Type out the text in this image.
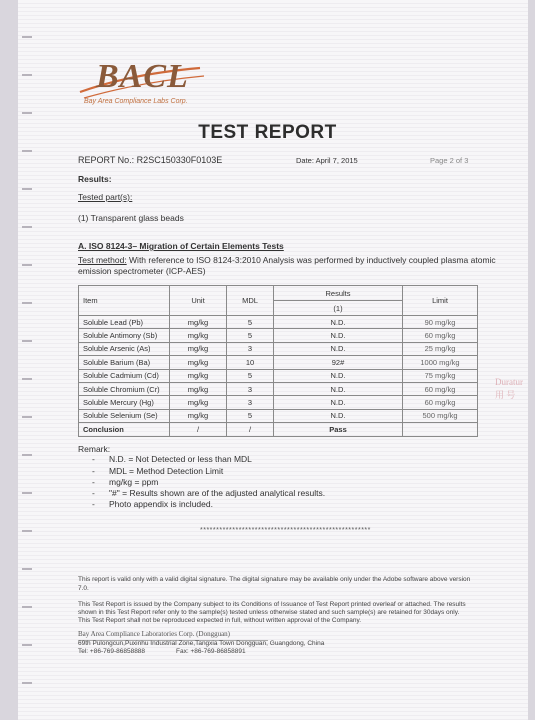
BACL
Bay Area Compliance Labs Corp.
TEST REPORT
REPORT No.: R2SC150330F0103E	Date: April 7, 2015	Page 2 of 3
Results:
Tested part(s):
(1) Transparent glass beads
A. ISO 8124-3– Migration of Certain Elements Tests
Test method: With reference to ISO 8124-3:2010 Analysis was performed by inductively coupled plasma atomic
emission spectrometer (ICP-AES)
Item	Unit	MDL	Results	Limit
			(1)	
Soluble Lead (Pb)	mg/kg	5	N.D.	90 mg/kg
Soluble Antimony (Sb)	mg/kg	5	N.D.	60 mg/kg
Soluble Arsenic (As)	mg/kg	3	N.D.	25 mg/kg
Soluble Barium (Ba)	mg/kg	10	92#	1000 mg/kg
Soluble Cadmium (Cd)	mg/kg	5	N.D.	75 mg/kg
Soluble Chromium (Cr)	mg/kg	3	N.D.	60 mg/kg
Soluble Mercury (Hg)	mg/kg	3	N.D.	60 mg/kg
Soluble Selenium (Se)	mg/kg	5	N.D.	500 mg/kg
Conclusion	/	/	Pass	
Duratur 用 号
Remark:
-      N.D. = Not Detected or less than MDL
-      MDL = Method Detection Limit
-      mg/kg = ppm
-      "#" = Results shown are of the adjusted analytical results.
-      Photo appendix is included.
*****************************************************
This report is valid only with a valid digital signature. The digital signature may be available only under the Adobe software above version
7.0.
This Test Report is issued by the Company subject to its Conditions of Issuance of Test Report printed overleaf or attached. The results
shown in this Test Report refer only to the sample(s) tested unless otherwise stated and such sample(s) are retained for 30days only.
This Test Report shall not be reproduced expected in full, without written approval of the Company.
Bay Area Compliance Laboratories Corp. (Dongguan)
69th Pulongcun,Puxinhu Industrial Zone,Tangxia Town Dongguan, Guangdong, China
Tel: +86-769-86858888	Fax: +86-769-86858891
